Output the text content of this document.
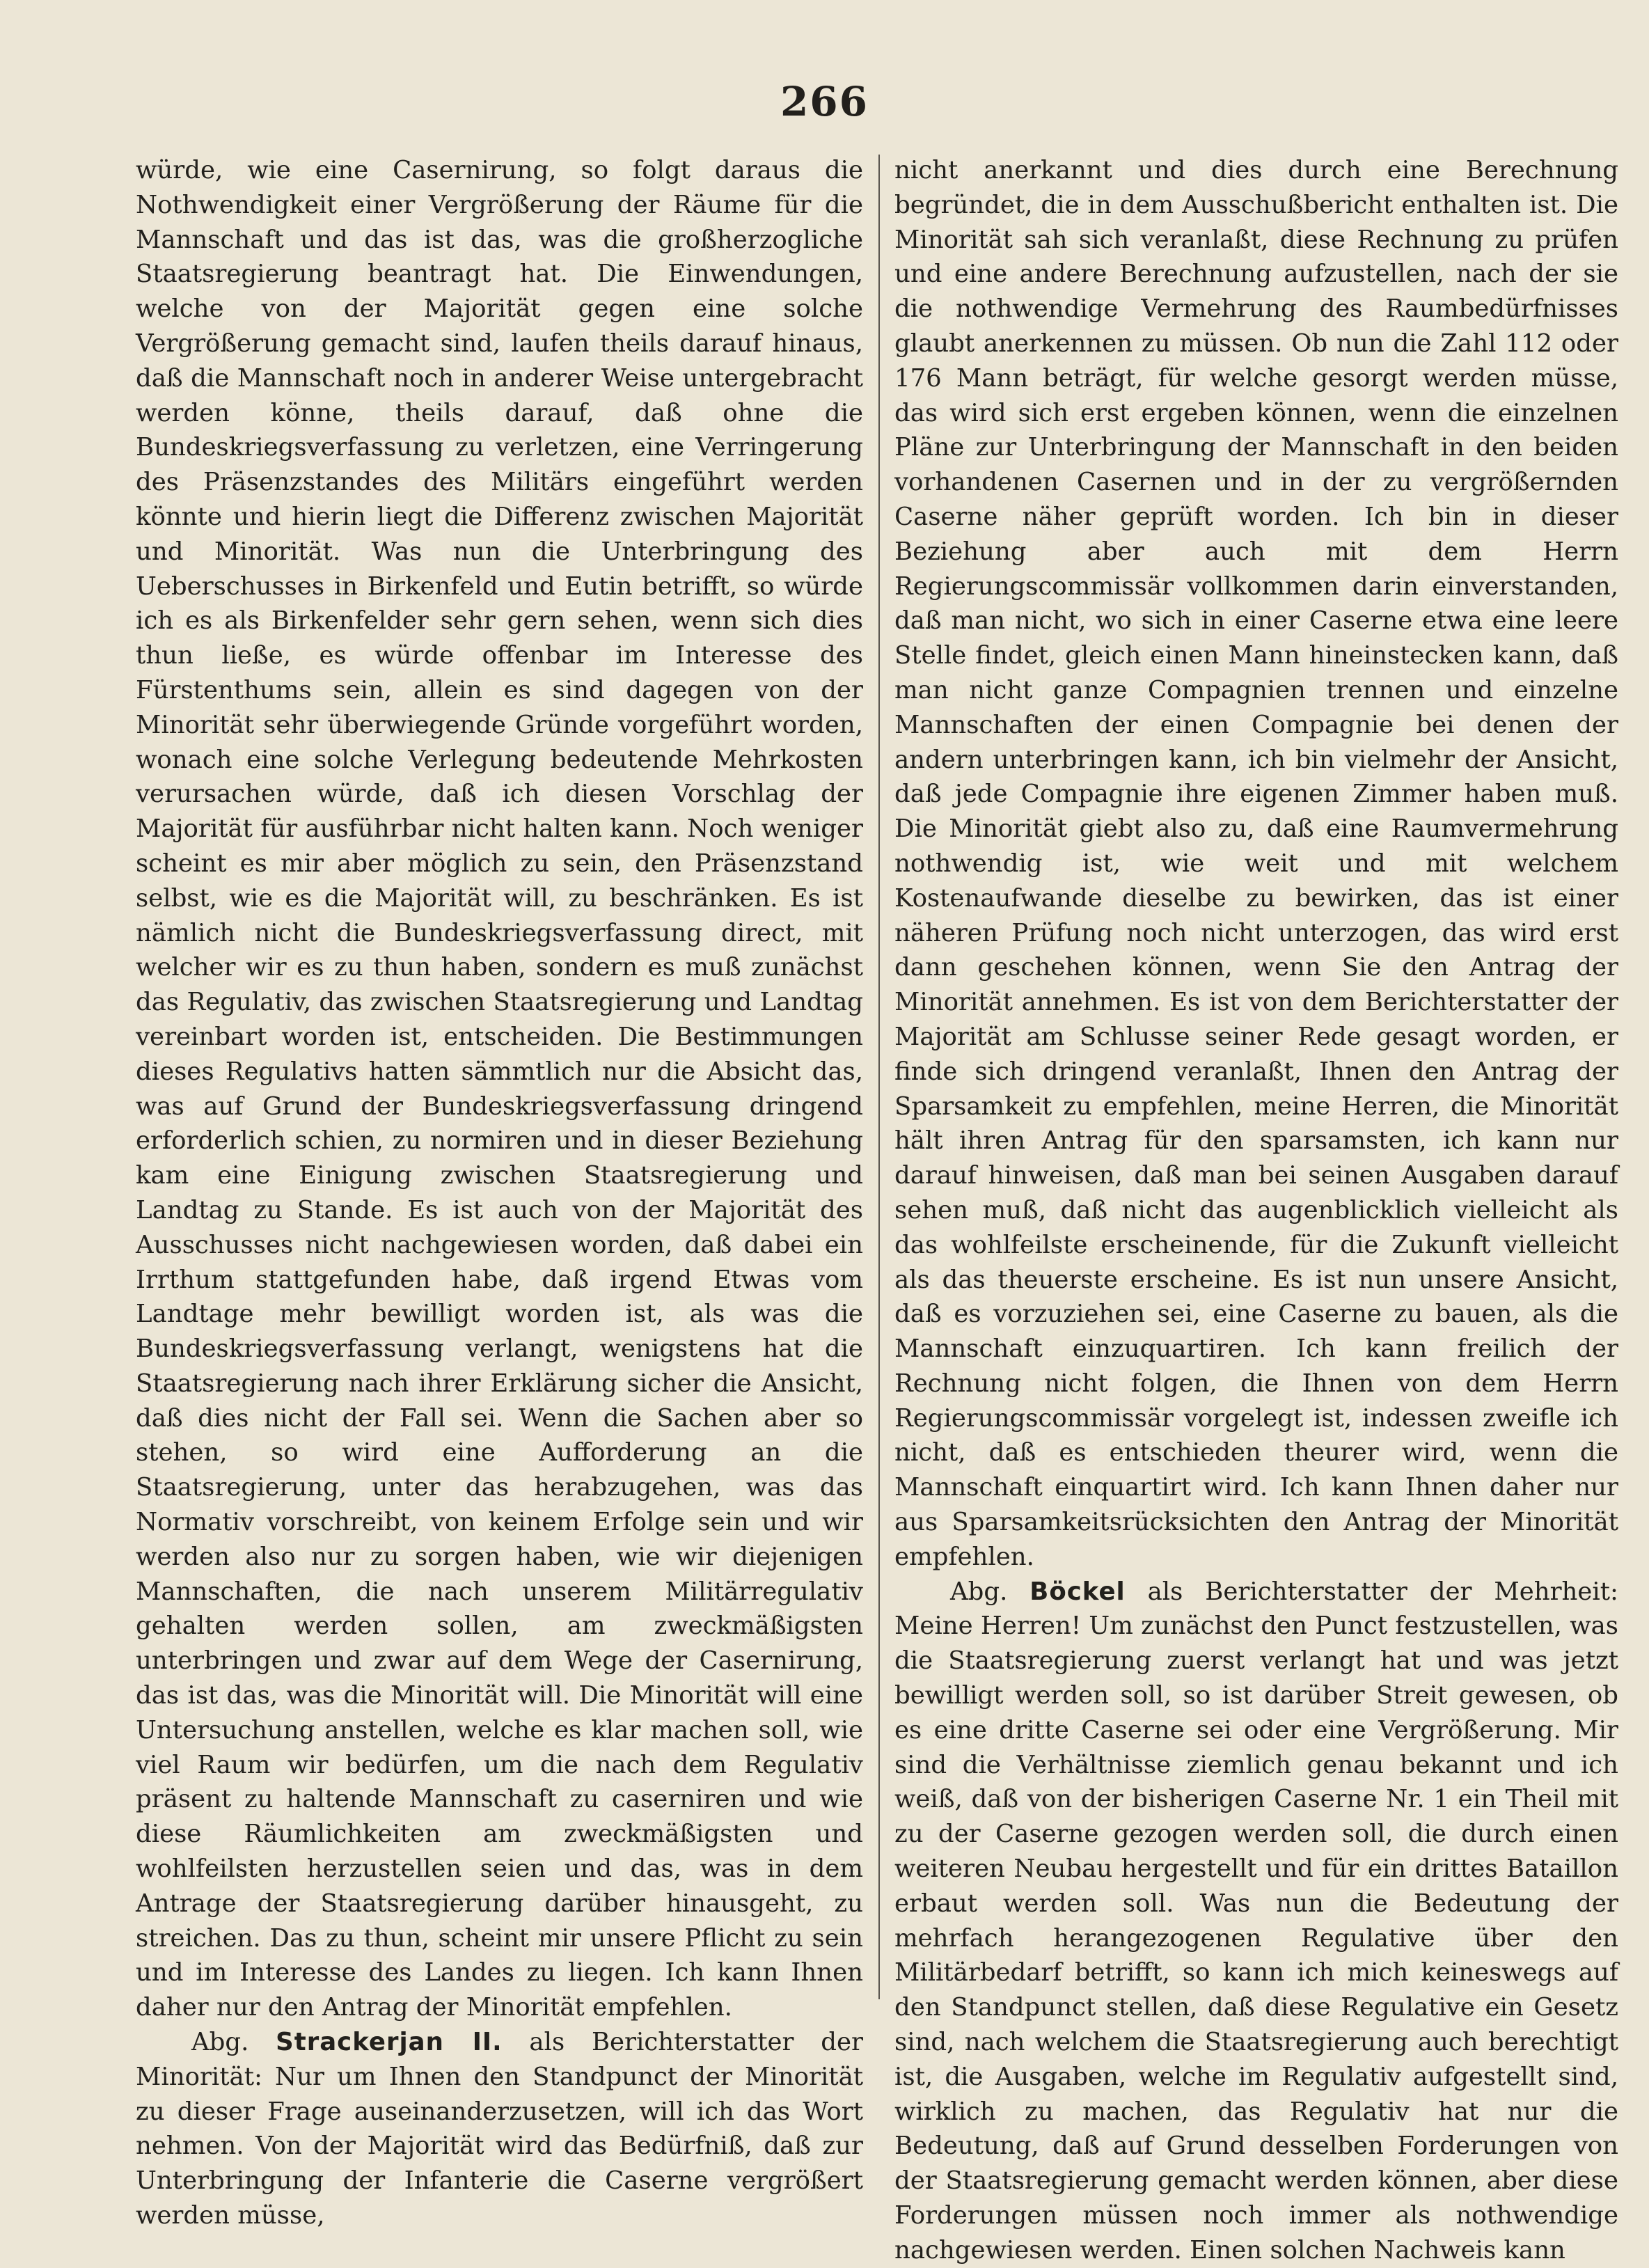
266

würde, wie eine Casernirung, so folgt daraus die Nothwendigkeit einer Vergrößerung der Räume für die Mannschaft und das ist das, was die großherzogliche Staatsregierung beantragt hat. Die Einwendungen, welche von der Majorität gegen eine solche Vergrößerung gemacht sind, laufen theils darauf hinaus, daß die Mannschaft noch in anderer Weise untergebracht werden könne, theils darauf, daß ohne die Bundeskriegsverfassung zu verletzen, eine Verringerung des Präsenzstandes des Militärs eingeführt werden könnte und hierin liegt die Differenz zwischen Majorität und Minorität. Was nun die Unterbringung des Ueberschusses in Birkenfeld und Eutin betrifft, so würde ich es als Birkenfelder sehr gern sehen, wenn sich dies thun ließe, es würde offenbar im Interesse des Fürstenthums sein, allein es sind dagegen von der Minorität sehr überwiegende Gründe vorgeführt worden, wonach eine solche Verlegung bedeutende Mehrkosten verursachen würde, daß ich diesen Vorschlag der Majorität für ausführbar nicht halten kann. Noch weniger scheint es mir aber möglich zu sein, den Präsenzstand selbst, wie es die Majorität will, zu beschränken. Es ist nämlich nicht die Bundeskriegsverfassung direct, mit welcher wir es zu thun haben, sondern es muß zunächst das Regulativ, das zwischen Staatsregierung und Landtag vereinbart worden ist, entscheiden. Die Bestimmungen dieses Regulativs hatten sämmtlich nur die Absicht das, was auf Grund der Bundeskriegsverfassung dringend erforderlich schien, zu normiren und in dieser Beziehung kam eine Einigung zwischen Staatsregierung und Landtag zu Stande. Es ist auch von der Majorität des Ausschusses nicht nachgewiesen worden, daß dabei ein Irrthum stattgefunden habe, daß irgend Etwas vom Landtage mehr bewilligt worden ist, als was die Bundeskriegsverfassung verlangt, wenigstens hat die Staatsregierung nach ihrer Erklärung sicher die Ansicht, daß dies nicht der Fall sei. Wenn die Sachen aber so stehen, so wird eine Aufforderung an die Staatsregierung, unter das herabzugehen, was das Normativ vorschreibt, von keinem Erfolge sein und wir werden also nur zu sorgen haben, wie wir diejenigen Mannschaften, die nach unserem Militärregulativ gehalten werden sollen, am zweckmäßigsten unterbringen und zwar auf dem Wege der Casernirung, das ist das, was die Minorität will. Die Minorität will eine Untersuchung anstellen, welche es klar machen soll, wie viel Raum wir bedürfen, um die nach dem Regulativ präsent zu haltende Mannschaft zu caserniren und wie diese Räumlichkeiten am zweckmäßigsten und wohlfeilsten herzustellen seien und das, was in dem Antrage der Staatsregierung darüber hinausgeht, zu streichen. Das zu thun, scheint mir unsere Pflicht zu sein und im Interesse des Landes zu liegen. Ich kann Ihnen daher nur den Antrag der Minorität empfehlen.

Abg. Strackerjan II. als Berichterstatter der Minorität: Nur um Ihnen den Standpunct der Minorität zu dieser Frage auseinanderzusetzen, will ich das Wort nehmen. Von der Majorität wird das Bedürfniß, daß zur Unterbringung der Infanterie die Caserne vergrößert werden müsse,

nicht anerkannt und dies durch eine Berechnung begründet, die in dem Ausschußbericht enthalten ist. Die Minorität sah sich veranlaßt, diese Rechnung zu prüfen und eine andere Berechnung aufzustellen, nach der sie die nothwendige Vermehrung des Raumbedürfnisses glaubt anerkennen zu müssen. Ob nun die Zahl 112 oder 176 Mann beträgt, für welche gesorgt werden müsse, das wird sich erst ergeben können, wenn die einzelnen Pläne zur Unterbringung der Mannschaft in den beiden vorhandenen Casernen und in der zu vergrößernden Caserne näher geprüft worden. Ich bin in dieser Beziehung aber auch mit dem Herrn Regierungscommissär vollkommen darin einverstanden, daß man nicht, wo sich in einer Caserne etwa eine leere Stelle findet, gleich einen Mann hineinstecken kann, daß man nicht ganze Compagnien trennen und einzelne Mannschaften der einen Compagnie bei denen der andern unterbringen kann, ich bin vielmehr der Ansicht, daß jede Compagnie ihre eigenen Zimmer haben muß. Die Minorität giebt also zu, daß eine Raumvermehrung nothwendig ist, wie weit und mit welchem Kostenaufwande dieselbe zu bewirken, das ist einer näheren Prüfung noch nicht unterzogen, das wird erst dann geschehen können, wenn Sie den Antrag der Minorität annehmen. Es ist von dem Berichterstatter der Majorität am Schlusse seiner Rede gesagt worden, er finde sich dringend veranlaßt, Ihnen den Antrag der Sparsamkeit zu empfehlen, meine Herren, die Minorität hält ihren Antrag für den sparsamsten, ich kann nur darauf hinweisen, daß man bei seinen Ausgaben darauf sehen muß, daß nicht das augenblicklich vielleicht als das wohlfeilste erscheinende, für die Zukunft vielleicht als das theuerste erscheine. Es ist nun unsere Ansicht, daß es vorzuziehen sei, eine Caserne zu bauen, als die Mannschaft einzuquartiren. Ich kann freilich der Rechnung nicht folgen, die Ihnen von dem Herrn Regierungscommissär vorgelegt ist, indessen zweifle ich nicht, daß es entschieden theurer wird, wenn die Mannschaft einquartirt wird. Ich kann Ihnen daher nur aus Sparsamkeitsrücksichten den Antrag der Minorität empfehlen.

Abg. Böckel als Berichterstatter der Mehrheit: Meine Herren! Um zunächst den Punct festzustellen, was die Staatsregierung zuerst verlangt hat und was jetzt bewilligt werden soll, so ist darüber Streit gewesen, ob es eine dritte Caserne sei oder eine Vergrößerung. Mir sind die Verhältnisse ziemlich genau bekannt und ich weiß, daß von der bisherigen Caserne Nr. 1 ein Theil mit zu der Caserne gezogen werden soll, die durch einen weiteren Neubau hergestellt und für ein drittes Bataillon erbaut werden soll. Was nun die Bedeutung der mehrfach herangezogenen Regulative über den Militärbedarf betrifft, so kann ich mich keineswegs auf den Standpunct stellen, daß diese Regulative ein Gesetz sind, nach welchem die Staatsregierung auch berechtigt ist, die Ausgaben, welche im Regulativ aufgestellt sind, wirklich zu machen, das Regulativ hat nur die Bedeutung, daß auf Grund desselben Forderungen von der Staatsregierung gemacht werden können, aber diese Forderungen müssen noch immer als nothwendige nachgewiesen werden. Einen solchen Nachweis kann
